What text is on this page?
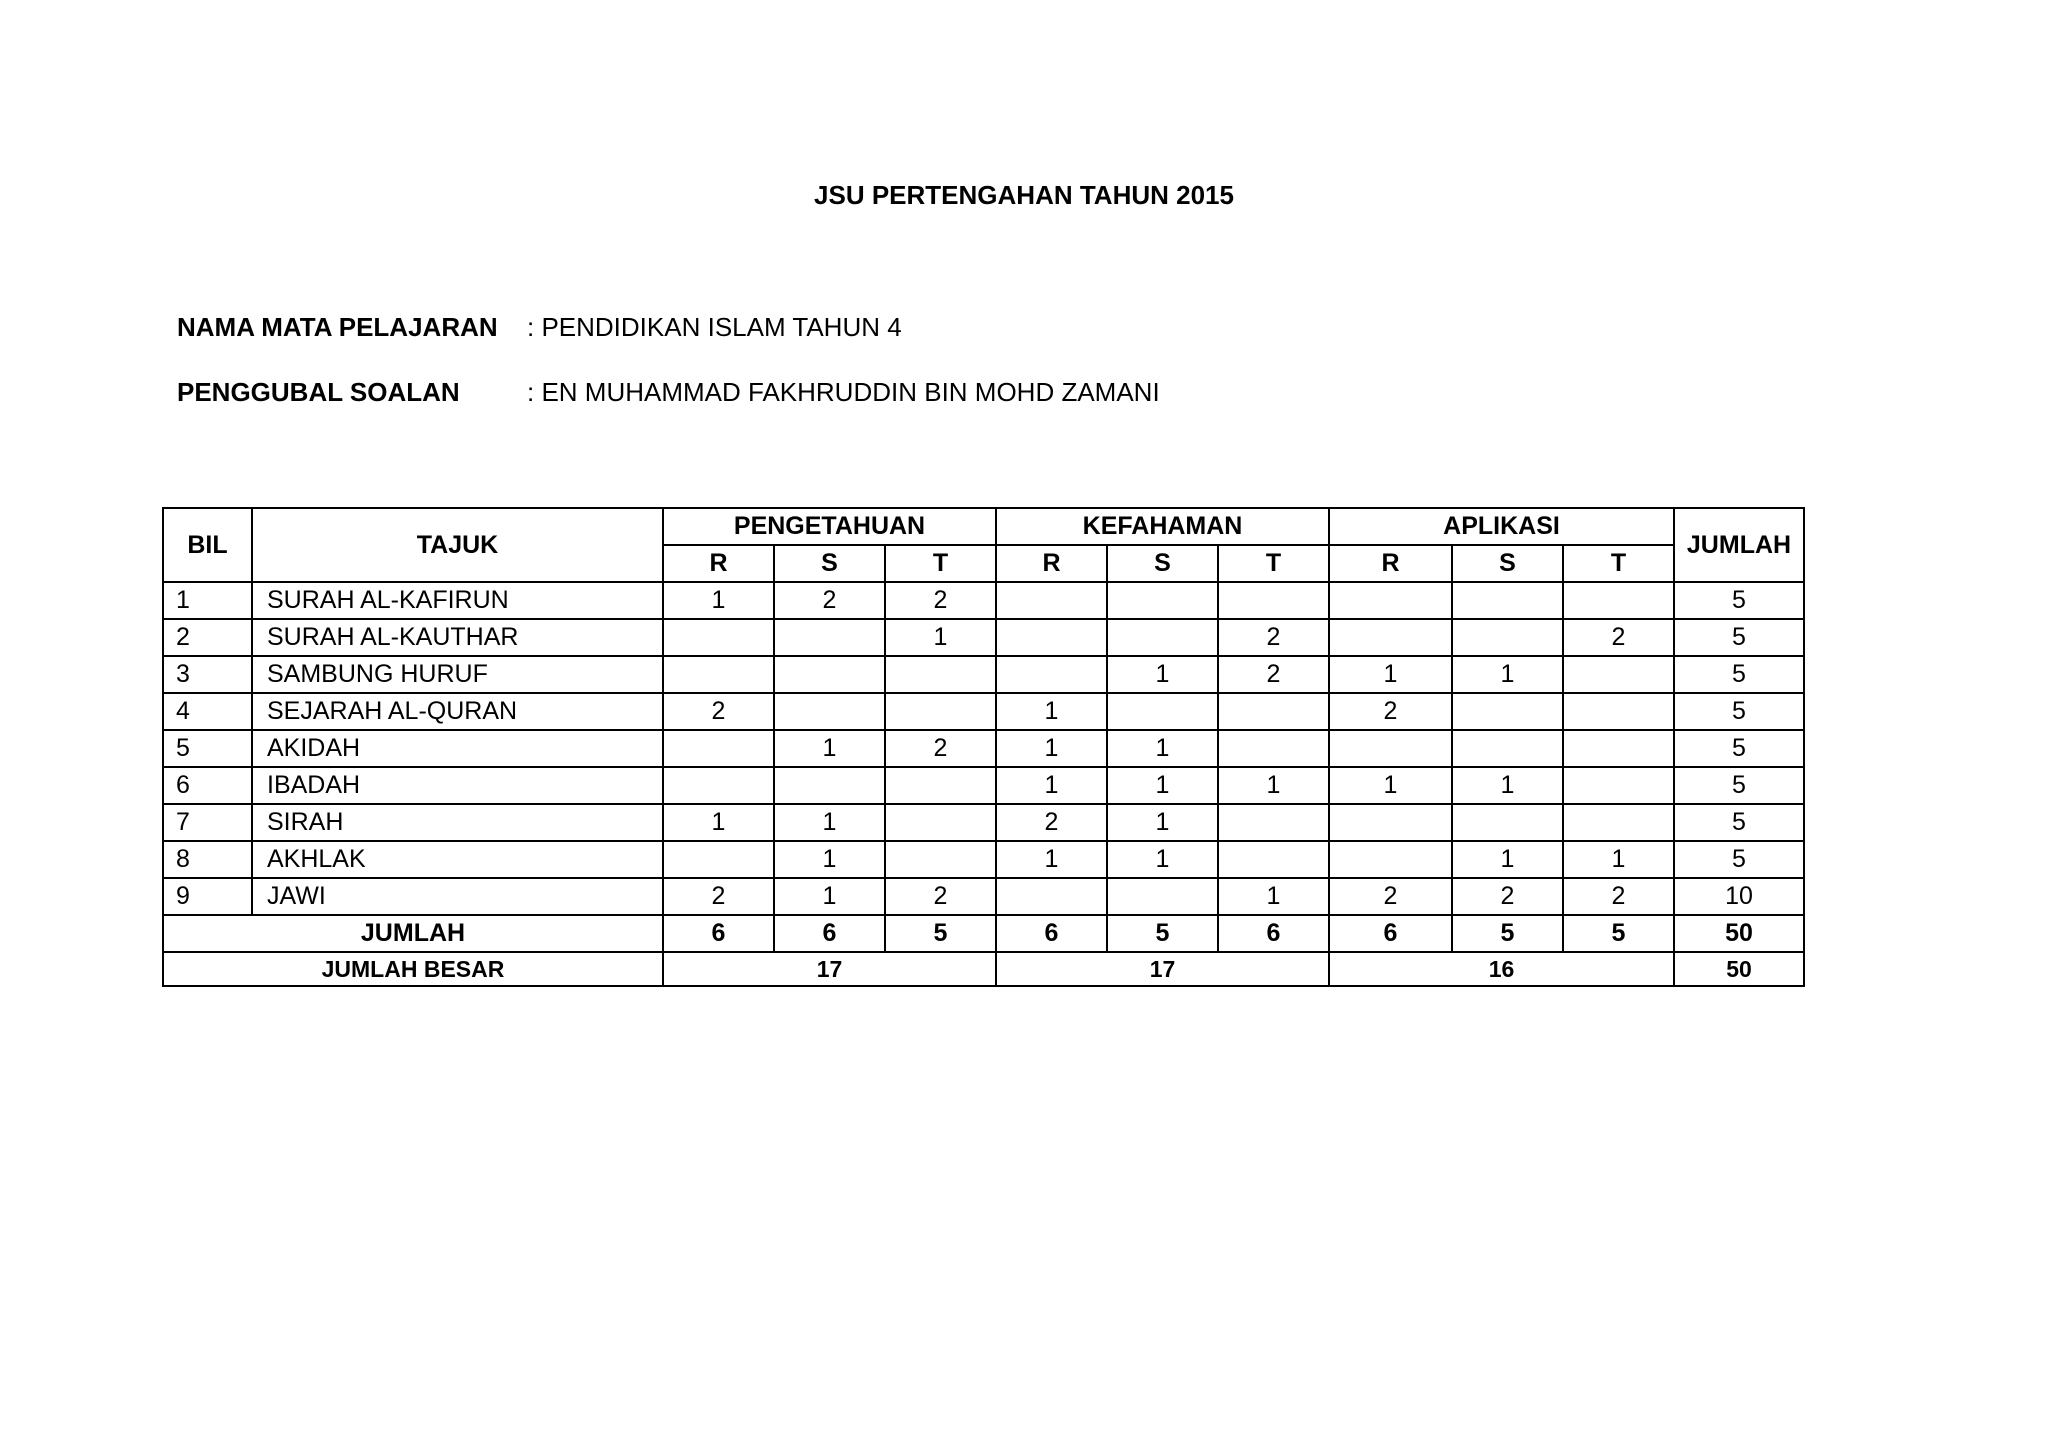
JSU PERTENGAHAN TAHUN 2015
NAMA MATA PELAJARAN	: PENDIDIKAN ISLAM TAHUN 4
PENGGUBAL SOALAN	: EN MUHAMMAD FAKHRUDDIN BIN MOHD ZAMANI
BIL	TAJUK	PENGETAHUAN			KEFAHAMAN			APLIKASI			JUMLAH
		R	S	T	R	S	T	R	S	T	
1	SURAH AL-KAFIRUN	1	2	2							5
2	SURAH AL-KAUTHAR			1			2			2	5
3	SAMBUNG HURUF					1	2	1	1		5
4	SEJARAH AL-QURAN	2			1			2			5
5	AKIDAH		1	2	1	1					5
6	IBADAH				1	1	1	1	1		5
7	SIRAH	1	1		2	1					5
8	AKHLAK		1		1	1			1	1	5
9	JAWI	2	1	2			1	2	2	2	10
JUMLAH		6	6	5	6	5	6	6	5	5	50
JUMLAH BESAR		17			17			16			50
